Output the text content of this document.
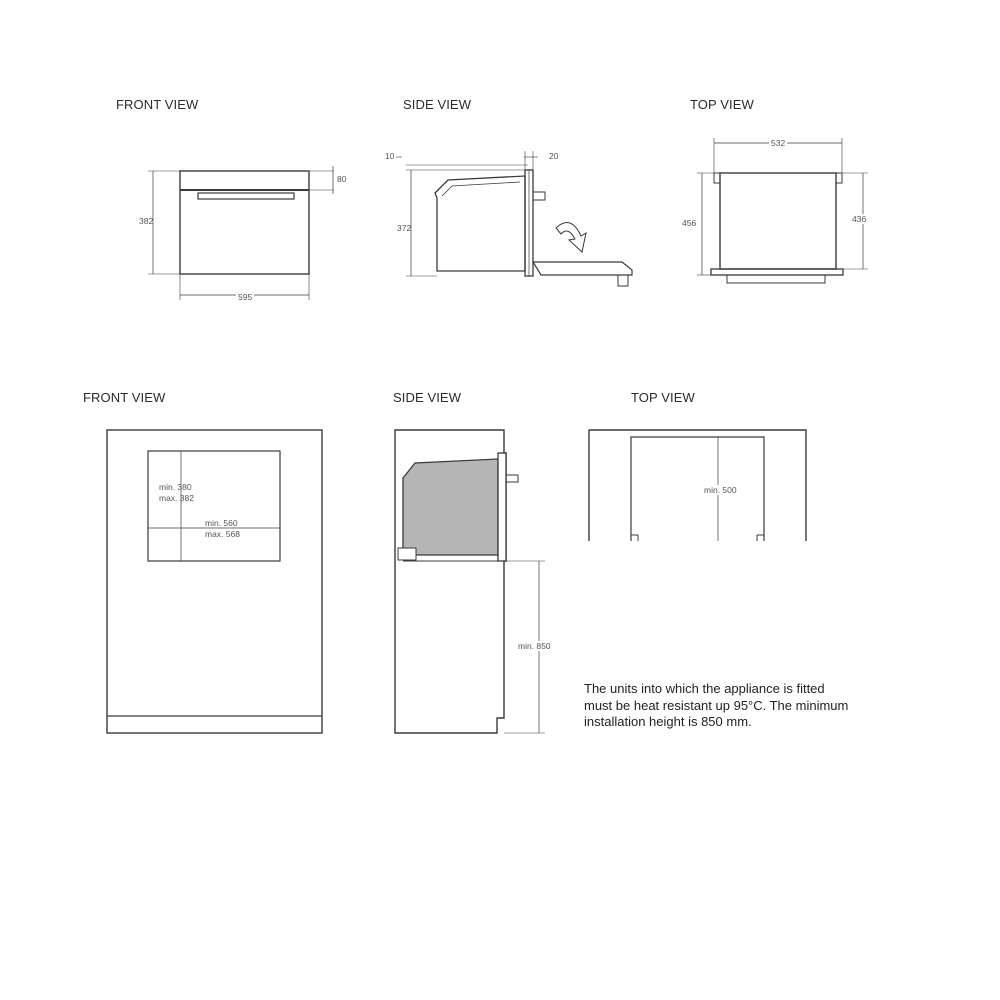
FRONT VIEW	SIDE VIEW	TOP VIEW
FRONT VIEW	SIDE VIEW	TOP VIEW
382
80
595
10	20
372
532
456	436
min. 380
max. 382
min. 560
max. 568
min. 850
min. 500
The units into which the appliance is fitted
must be heat resistant up 95°C. The minimum
installation height is 850 mm.
